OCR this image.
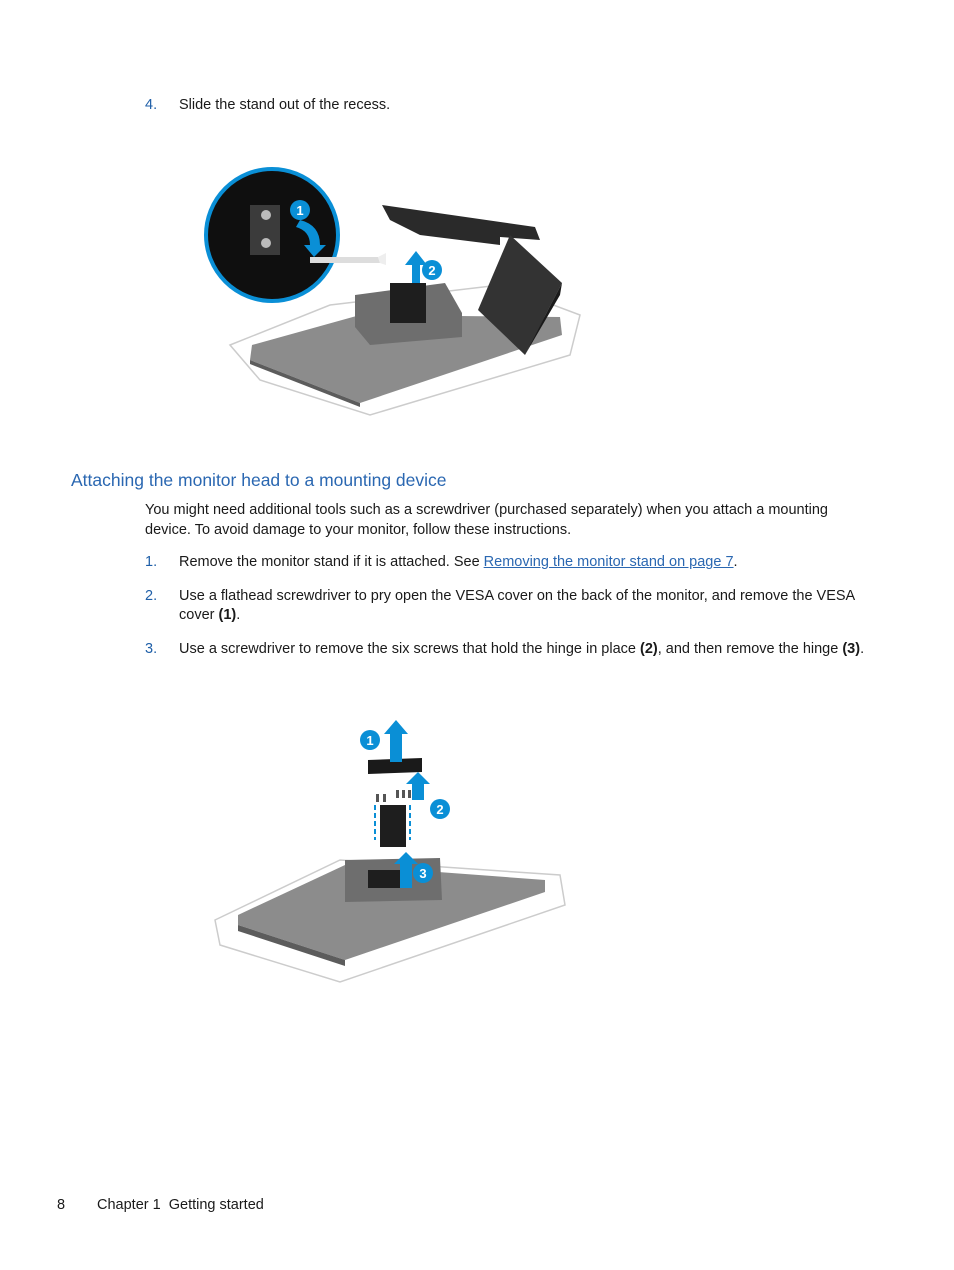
4. Slide the stand out of the recess.
2
1
Attaching the monitor head to a mounting device
You might need additional tools such as a screwdriver (purchased separately) when you attach a mounting device. To avoid damage to your monitor, follow these instructions.
1. Remove the monitor stand if it is attached. See Removing the monitor stand on page 7.
2. Use a flathead screwdriver to pry open the VESA cover on the back of the monitor, and remove the VESA cover (1).
3. Use a screwdriver to remove the six screws that hold the hinge in place (2), and then remove the hinge (3).
1
2
3
8 Chapter 1  Getting started
